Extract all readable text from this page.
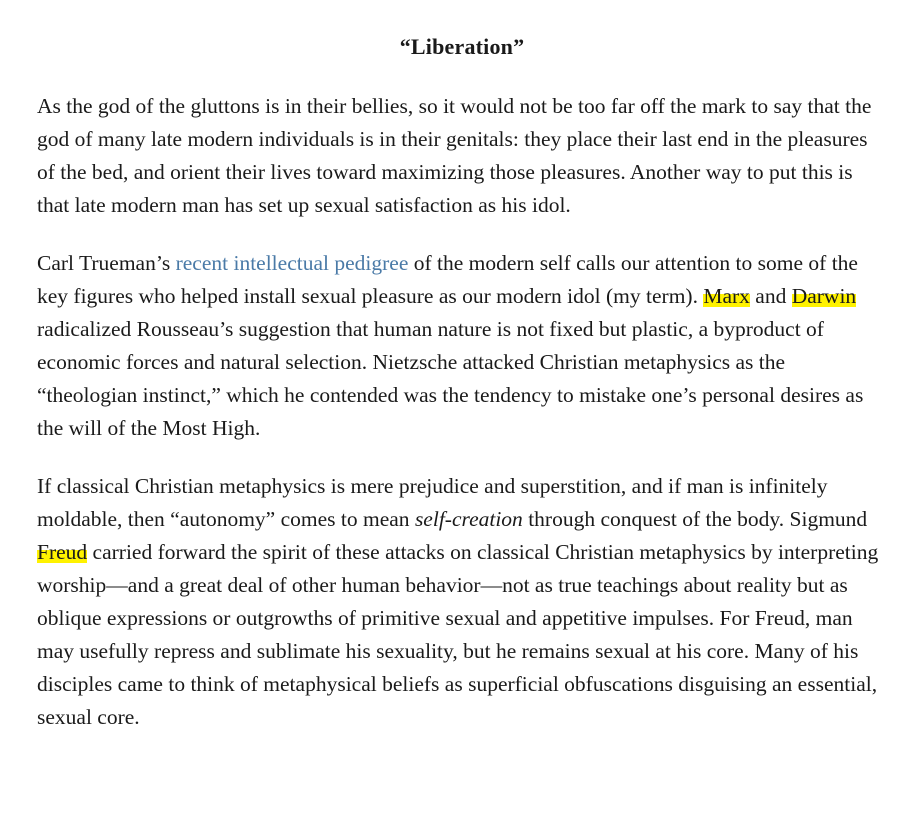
“Liberation”

As the god of the gluttons is in their bellies, so it would not be too far off the mark to say that the god of many late modern individuals is in their genitals: they place their last end in the pleasures of the bed, and orient their lives toward maximizing those pleasures. Another way to put this is that late modern man has set up sexual satisfaction as his idol.

Carl Trueman’s recent intellectual pedigree of the modern self calls our attention to some of the key figures who helped install sexual pleasure as our modern idol (my term). Marx and Darwin radicalized Rousseau’s suggestion that human nature is not fixed but plastic, a byproduct of economic forces and natural selection. Nietzsche attacked Christian metaphysics as the “theologian instinct,” which he contended was the tendency to mistake one’s personal desires as the will of the Most High.

If classical Christian metaphysics is mere prejudice and superstition, and if man is infinitely moldable, then “autonomy” comes to mean self-creation through conquest of the body. Sigmund Freud carried forward the spirit of these attacks on classical Christian metaphysics by interpreting worship—and a great deal of other human behavior—not as true teachings about reality but as oblique expressions or outgrowths of primitive sexual and appetitive impulses. For Freud, man may usefully repress and sublimate his sexuality, but he remains sexual at his core. Many of his disciples came to think of metaphysical beliefs as superficial obfuscations disguising an essential, sexual core.
